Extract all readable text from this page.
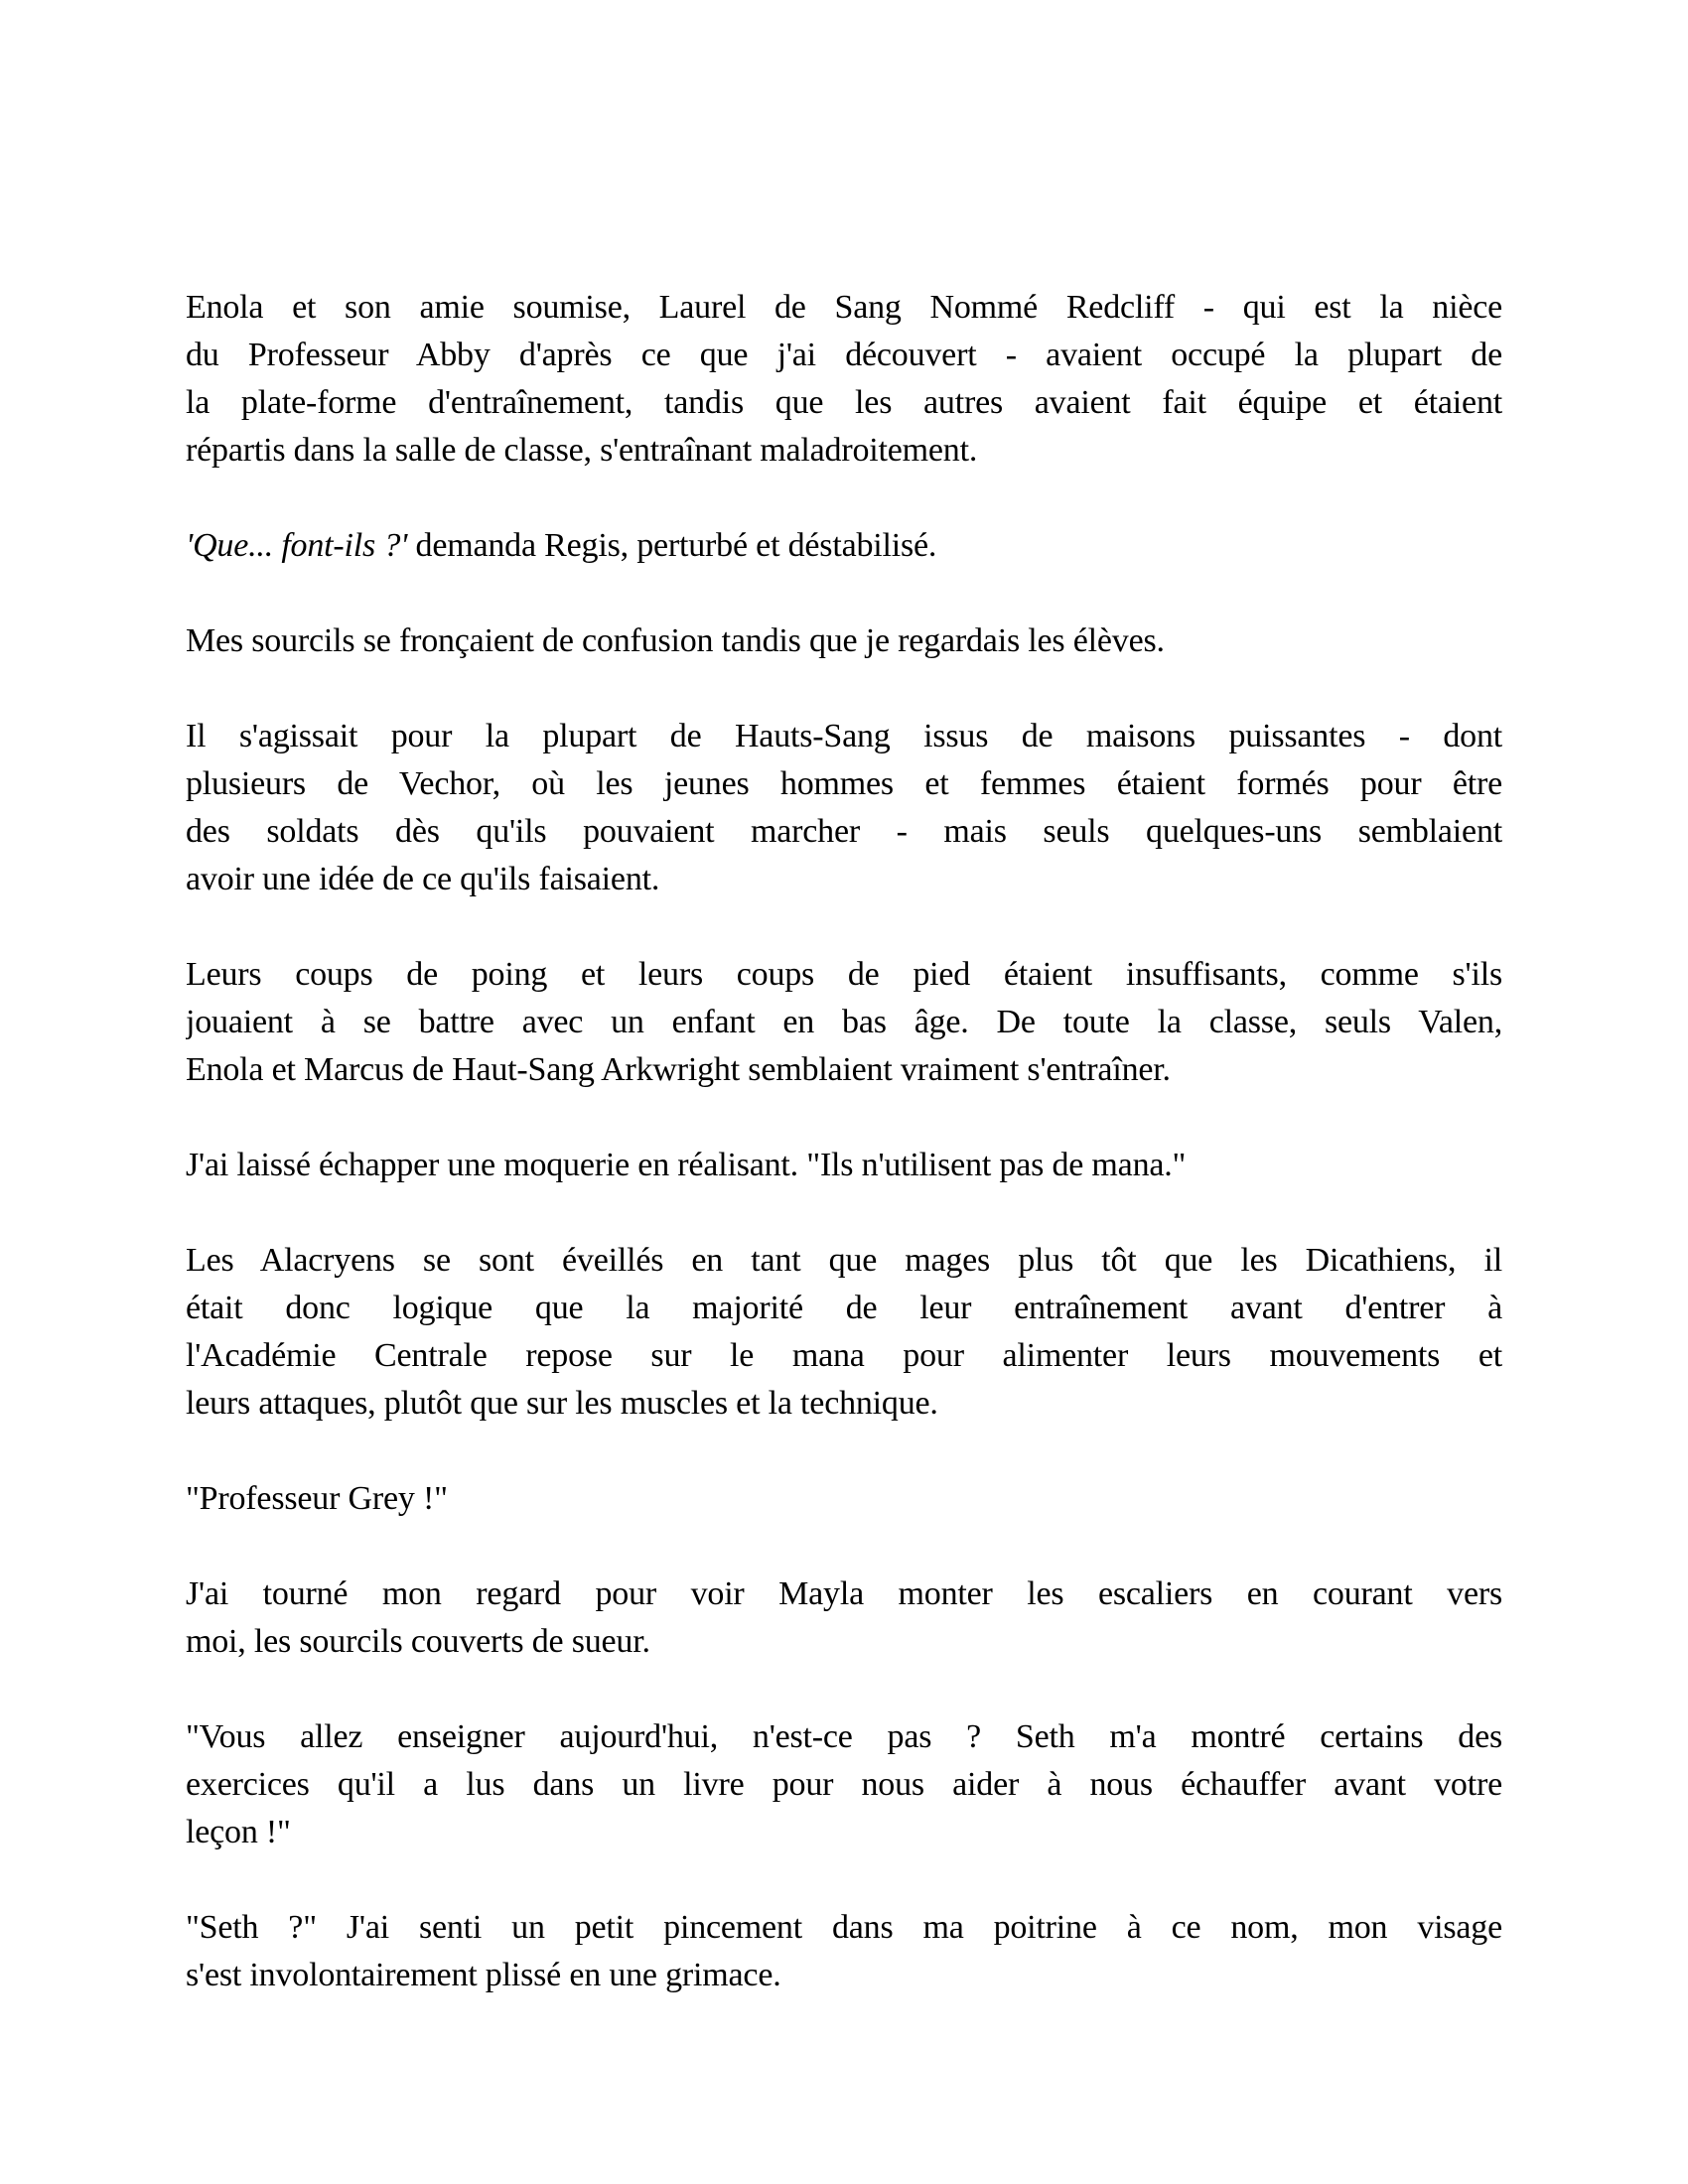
Enola et son amie soumise, Laurel de Sang Nommé Redcliff - qui est la nièce
du Professeur Abby d'après ce que j'ai découvert - avaient occupé la plupart de
la plate-forme d'entraînement, tandis que les autres avaient fait équipe et étaient
répartis dans la salle de classe, s'entraînant maladroitement.
'Que... font-ils ?' demanda Regis, perturbé et déstabilisé.
Mes sourcils se fronçaient de confusion tandis que je regardais les élèves.
Il s'agissait pour la plupart de Hauts-Sang issus de maisons puissantes - dont
plusieurs de Vechor, où les jeunes hommes et femmes étaient formés pour être
des soldats dès qu'ils pouvaient marcher - mais seuls quelques-uns semblaient
avoir une idée de ce qu'ils faisaient.
Leurs coups de poing et leurs coups de pied étaient insuffisants, comme s'ils
jouaient à se battre avec un enfant en bas âge. De toute la classe, seuls Valen,
Enola et Marcus de Haut-Sang Arkwright semblaient vraiment s'entraîner.
J'ai laissé échapper une moquerie en réalisant. "Ils n'utilisent pas de mana."
Les Alacryens se sont éveillés en tant que mages plus tôt que les Dicathiens, il
était donc logique que la majorité de leur entraînement avant d'entrer à
l'Académie Centrale repose sur le mana pour alimenter leurs mouvements et
leurs attaques, plutôt que sur les muscles et la technique.
"Professeur Grey !"
J'ai tourné mon regard pour voir Mayla monter les escaliers en courant vers
moi, les sourcils couverts de sueur.
"Vous allez enseigner aujourd'hui, n'est-ce pas ? Seth m'a montré certains des
exercices qu'il a lus dans un livre pour nous aider à nous échauffer avant votre
leçon !"
"Seth ?" J'ai senti un petit pincement dans ma poitrine à ce nom, mon visage
s'est involontairement plissé en une grimace.
